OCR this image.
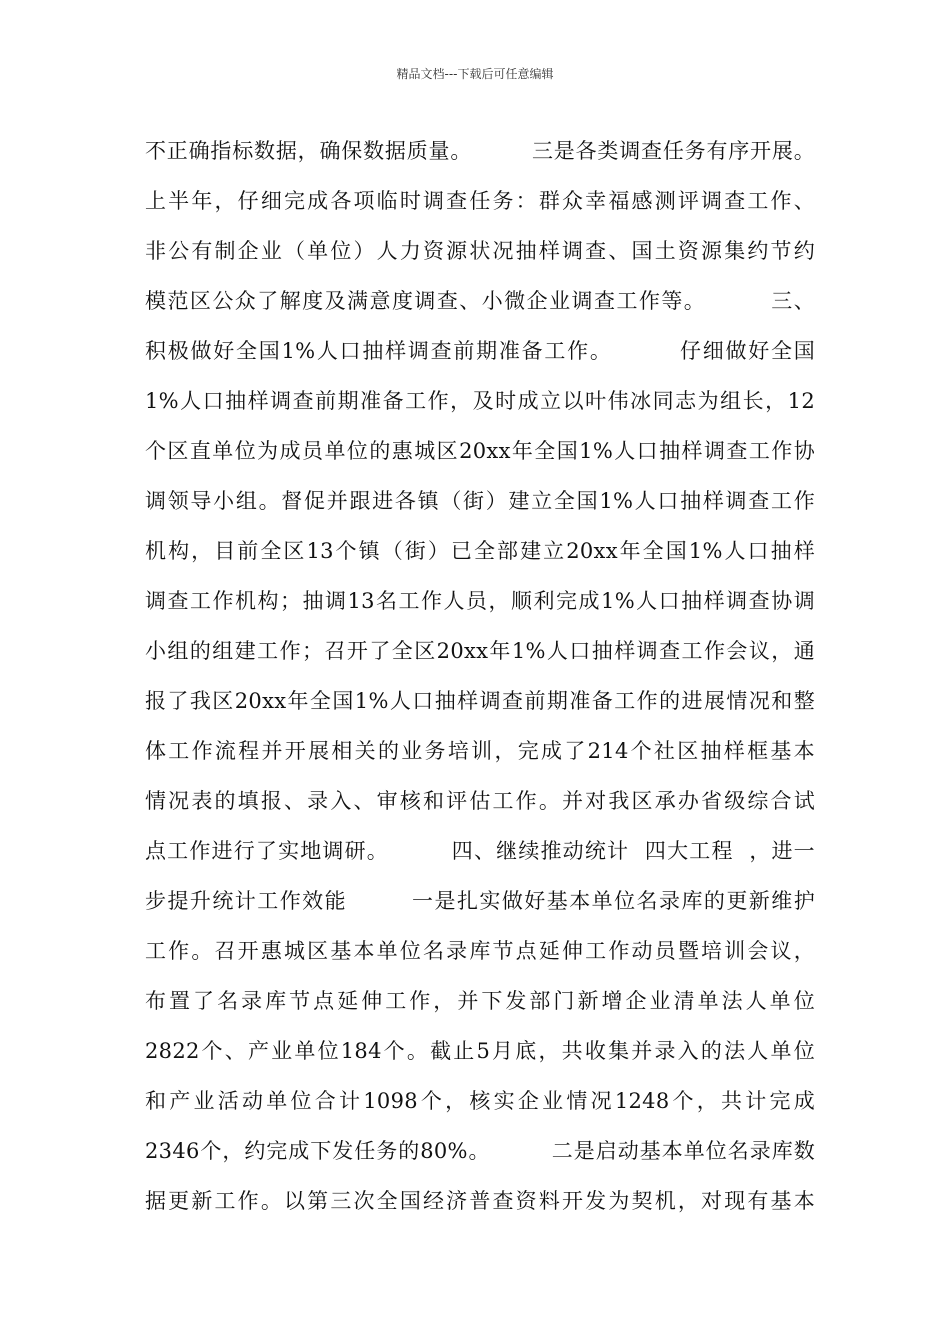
精品文档---下载后可任意编辑
不正确指标数据，确保数据质量。        三是各类调查任务有序开展。
上半年，仔细完成各项临时调查任务：群众幸福感测评调查工作、
非公有制企业（单位）人力资源状况抽样调查、国土资源集约节约
模范区公众了解度及满意度调查、小微企业调查工作等。        三、
积极做好全国1%人口抽样调查前期准备工作。        仔细做好全国
1%人口抽样调查前期准备工作，及时成立以叶伟冰同志为组长，12
个区直单位为成员单位的惠城区20xx年全国1%人口抽样调查工作协
调领导小组。督促并跟进各镇（街）建立全国1%人口抽样调查工作
机构，目前全区13个镇（街）已全部建立20xx年全国1%人口抽样
调查工作机构；抽调13名工作人员，顺利完成1%人口抽样调查协调
小组的组建工作；召开了全区20xx年1%人口抽样调查工作会议，通
报了我区20xx年全国1%人口抽样调查前期准备工作的进展情况和整
体工作流程并开展相关的业务培训，完成了214个社区抽样框基本
情况表的填报、录入、审核和评估工作。并对我区承办省级综合试
点工作进行了实地调研。        四、继续推动统计  四大工程  ，进一
步提升统计工作效能        一是扎实做好基本单位名录库的更新维护
工作。召开惠城区基本单位名录库节点延伸工作动员暨培训会议，
布置了名录库节点延伸工作，并下发部门新增企业清单法人单位
2822个、产业单位184个。截止5月底，共收集并录入的法人单位
和产业活动单位合计1098个，核实企业情况1248个，共计完成
2346个，约完成下发任务的80%。        二是启动基本单位名录库数
据更新工作。以第三次全国经济普查资料开发为契机，对现有基本
